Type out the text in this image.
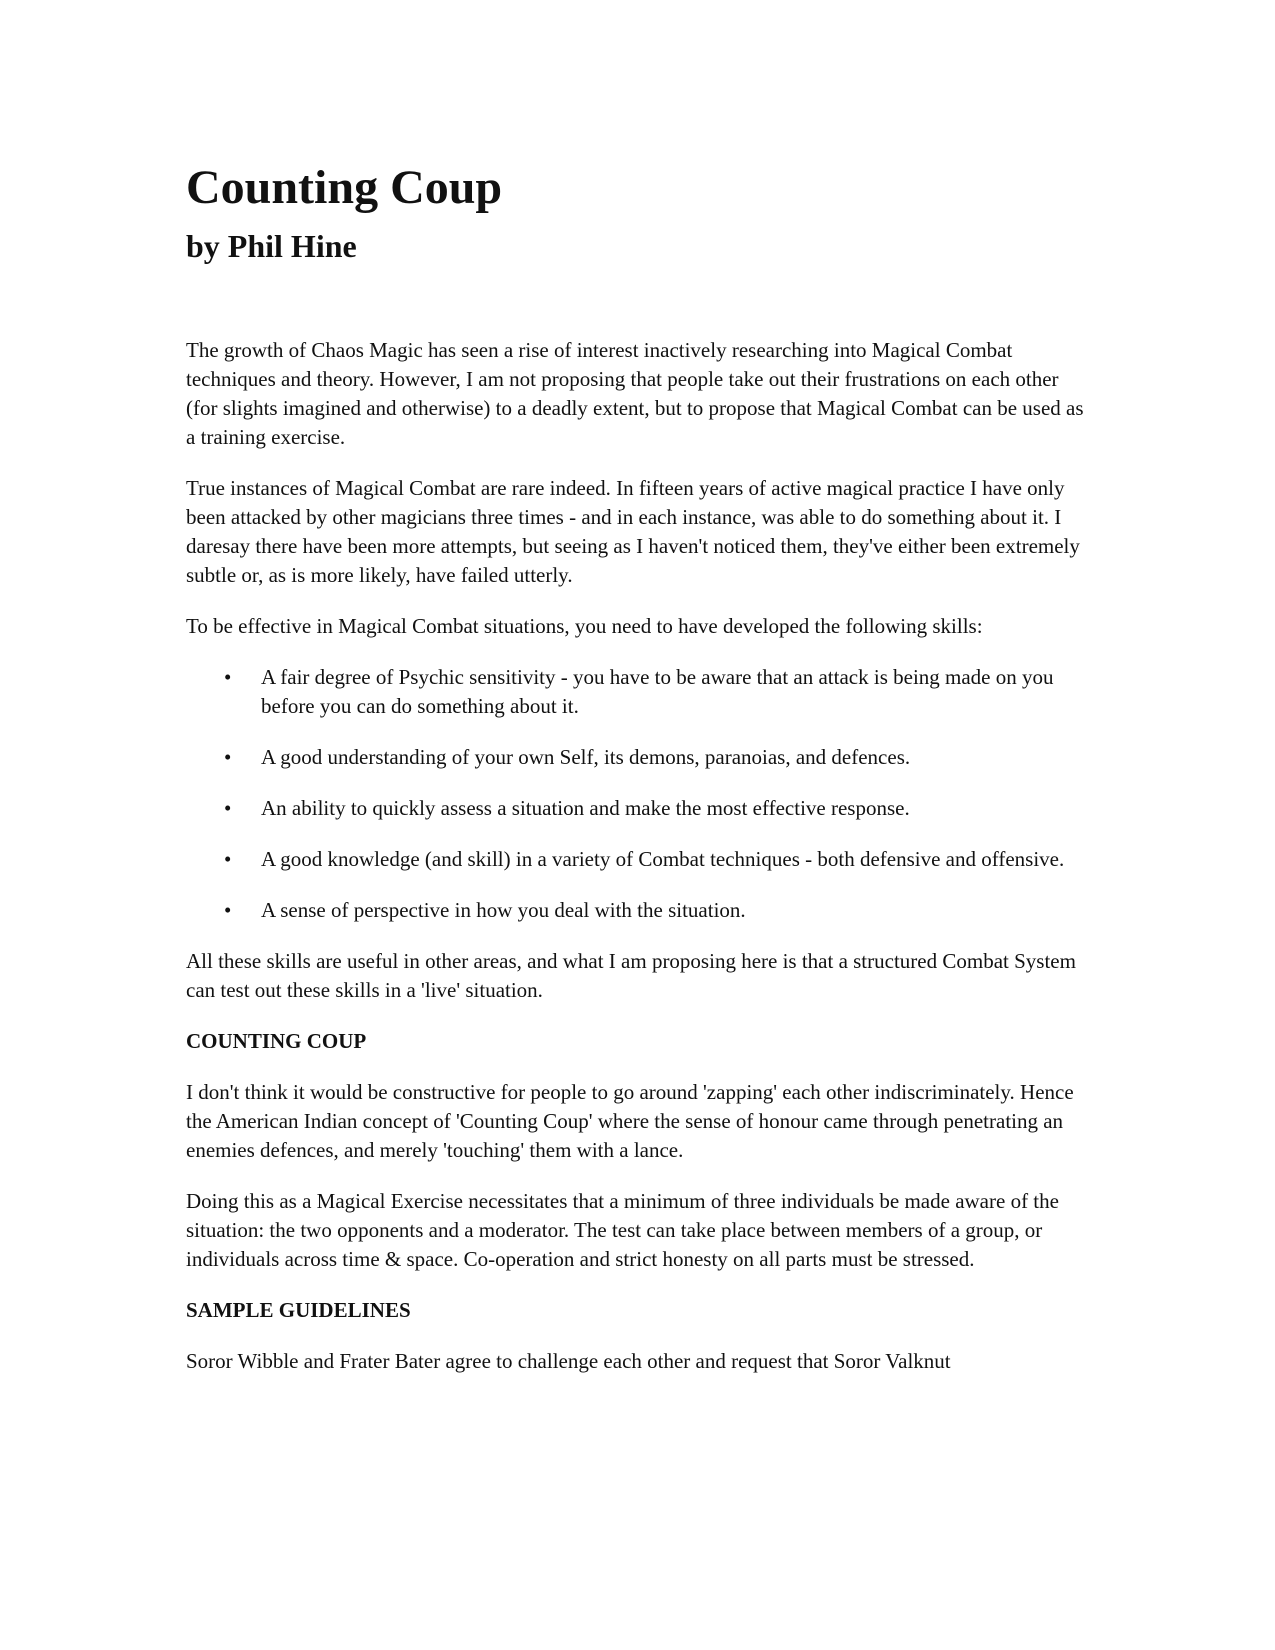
Counting Coup
by Phil Hine

The growth of Chaos Magic has seen a rise of interest inactively researching into Magical Combat techniques and theory. However, I am not proposing that people take out their frustrations on each other (for slights imagined and otherwise) to a deadly extent, but to propose that Magical Combat can be used as a training exercise.

True instances of Magical Combat are rare indeed. In fifteen years of active magical practice I have only been attacked by other magicians three times - and in each instance, was able to do something about it. I daresay there have been more attempts, but seeing as I haven't noticed them, they've either been extremely subtle or, as is more likely, have failed utterly.

To be effective in Magical Combat situations, you need to have developed the following skills:

• A fair degree of Psychic sensitivity - you have to be aware that an attack is being made on you before you can do something about it.
• A good understanding of your own Self, its demons, paranoias, and defences.
• An ability to quickly assess a situation and make the most effective response.
• A good knowledge (and skill) in a variety of Combat techniques - both defensive and offensive.
• A sense of perspective in how you deal with the situation.

All these skills are useful in other areas, and what I am proposing here is that a structured Combat System can test out these skills in a 'live' situation.

COUNTING COUP

I don't think it would be constructive for people to go around 'zapping' each other indiscriminately. Hence the American Indian concept of 'Counting Coup' where the sense of honour came through penetrating an enemies defences, and merely 'touching' them with a lance.

Doing this as a Magical Exercise necessitates that a minimum of three individuals be made aware of the situation: the two opponents and a moderator. The test can take place between members of a group, or individuals across time & space. Co-operation and strict honesty on all parts must be stressed.

SAMPLE GUIDELINES

Soror Wibble and Frater Bater agree to challenge each other and request that Soror Valknut
